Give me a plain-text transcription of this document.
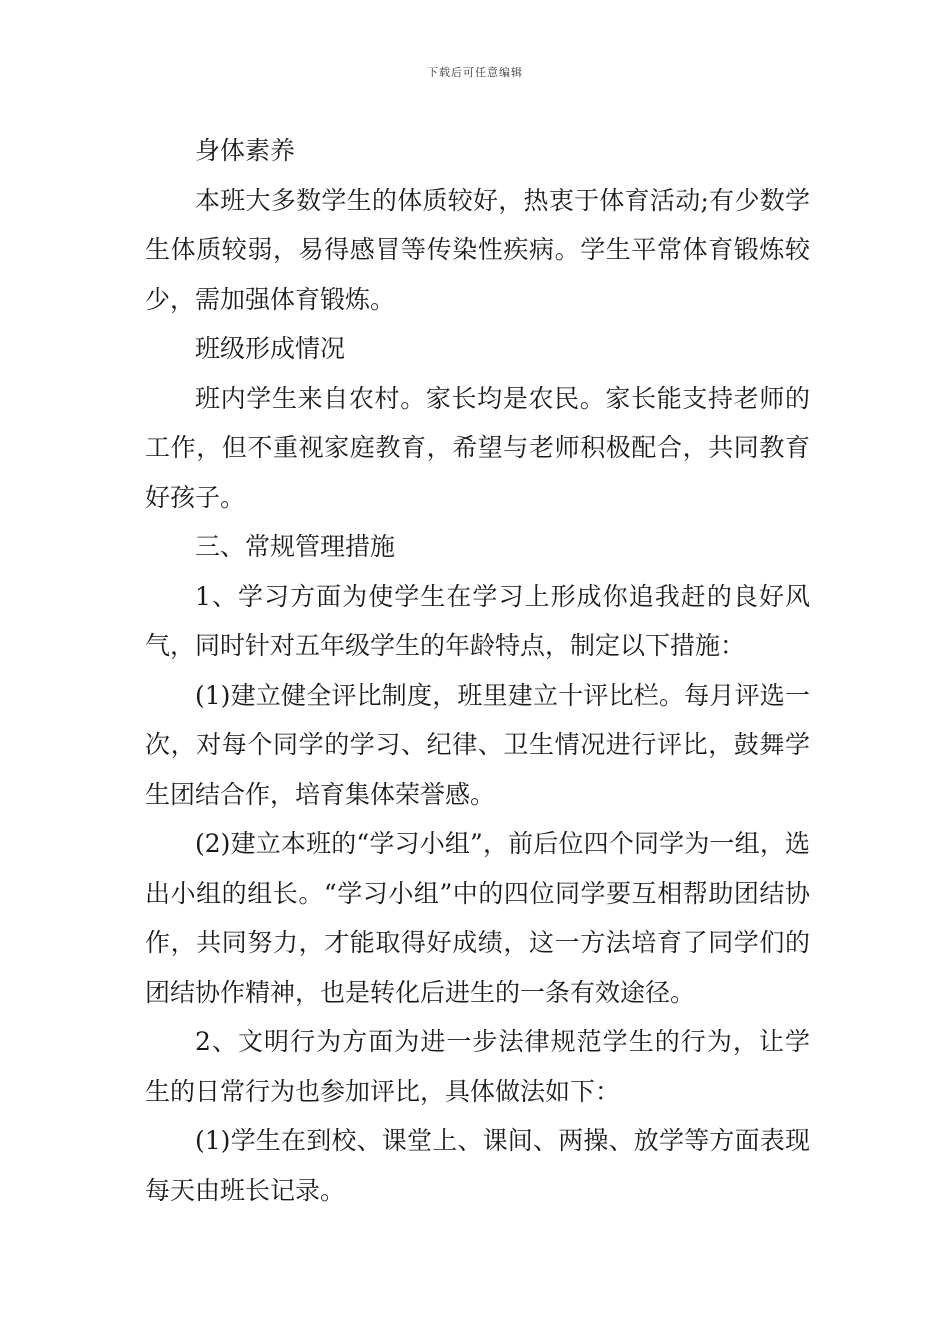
下载后可任意编辑

身体素养

本班大多数学生的体质较好，热衷于体育活动;有少数学生体质较弱，易得感冒等传染性疾病。学生平常体育锻炼较少，需加强体育锻炼。

班级形成情况

班内学生来自农村。家长均是农民。家长能支持老师的工作，但不重视家庭教育，希望与老师积极配合，共同教育好孩子。

三、常规管理措施

1、学习方面为使学生在学习上形成你追我赶的良好风气，同时针对五年级学生的年龄特点，制定以下措施：

(1)建立健全评比制度，班里建立十评比栏。每月评选一次，对每个同学的学习、纪律、卫生情况进行评比，鼓舞学生团结合作，培育集体荣誉感。

(2)建立本班的“学习小组”，前后位四个同学为一组，选出小组的组长。“学习小组”中的四位同学要互相帮助团结协作，共同努力，才能取得好成绩，这一方法培育了同学们的团结协作精神，也是转化后进生的一条有效途径。

2、文明行为方面为进一步法律规范学生的行为，让学生的日常行为也参加评比，具体做法如下：

(1)学生在到校、课堂上、课间、两操、放学等方面表现每天由班长记录。
